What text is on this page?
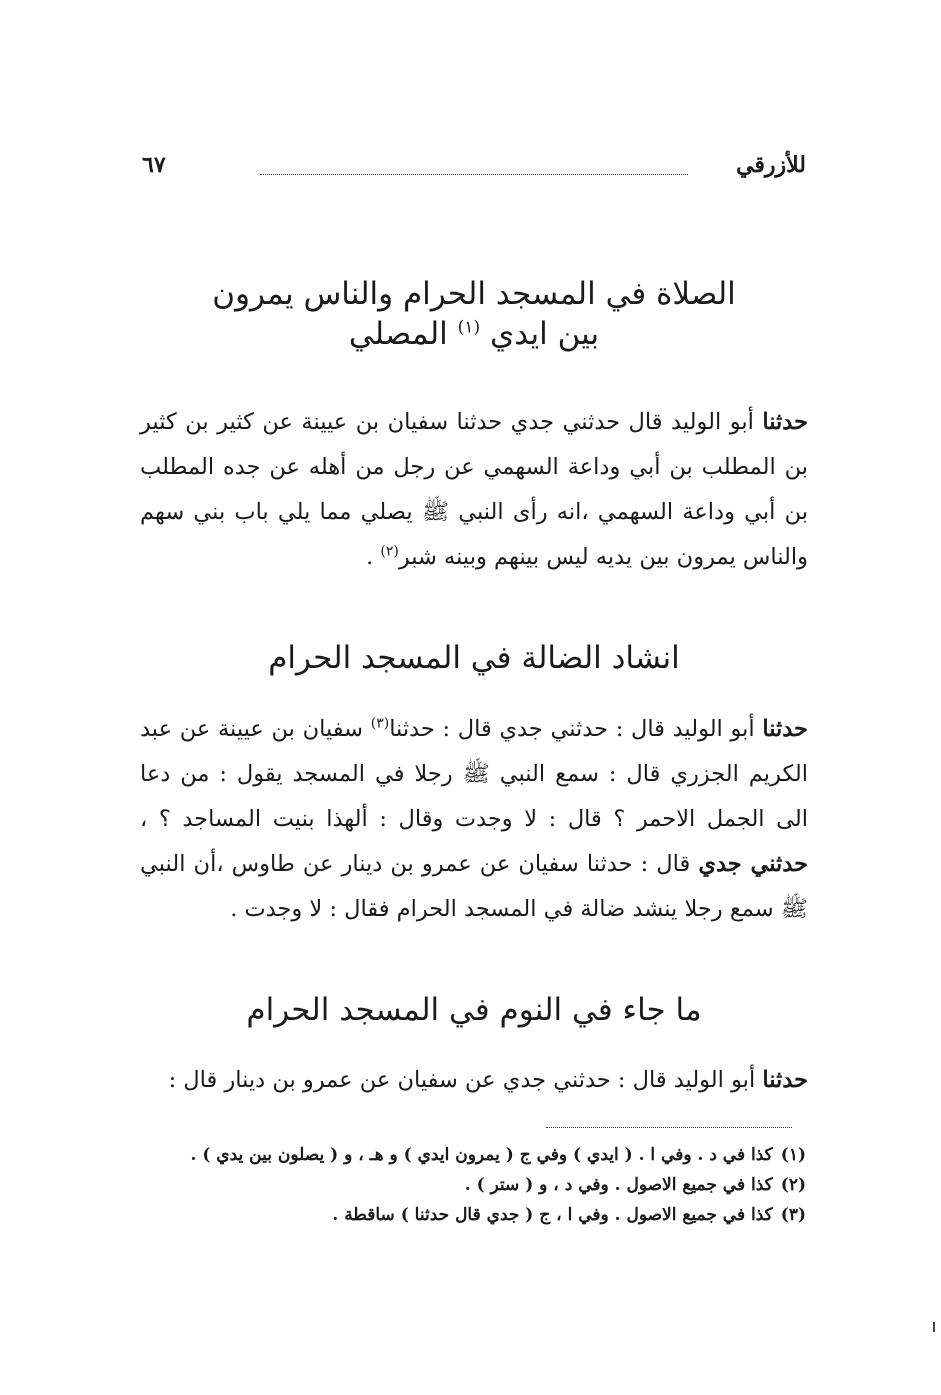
للأزرقي
٦٧
الصلاة في المسجد الحرام والناس يمرون
بين ايدي $^{(١)}$ المصلي

حدثنا أبو الوليد قال حدثني جدي حدثنا سفيان بن عيينة عن كثير بن كثير بن المطلب بن أبي وداعة السهمي عن رجل من أهله عن جده المطلب بن أبي وداعة السهمي ،انه رأى النبي ﷺ يصلي مما يلي باب بني سهم والناس يمرون بين يديه ليس بينهم وبينه شبر$^{(٢)}$ .

انشاد الضالة في المسجد الحرام

حدثنا أبو الوليد قال : حدثني جدي قال : حدثنا$^{(٣)}$ سفيان بن عيينة عن عبد الكريم الجزري قال : سمع النبي ﷺ رجلا في المسجد يقول : من دعا الى الجمل الاحمر ؟ قال : لا وجدت وقال : ألهذا بنيت المساجد ؟ ، حدثني جدي قال : حدثنا سفيان عن عمرو بن دينار عن طاوس ،أن النبي ﷺ سمع رجلا ينشد ضالة في المسجد الحرام فقال : لا وجدت .

ما جاء في النوم في المسجد الحرام

حدثنا أبو الوليد قال : حدثني جدي عن سفيان عن عمرو بن دينار قال :

(١)كذا في د . وفي ا . ( ايدي ) وفي ج ( يمرون ايدي ) و هـ ، و ( يصلون بين يدي ) .
(٢)كذا في جميع الاصول . وفي د ، و ( ستر ) .
(٣)كذا في جميع الاصول . وفي ا ، ج ( جدي قال حدثنا ) ساقطة .
